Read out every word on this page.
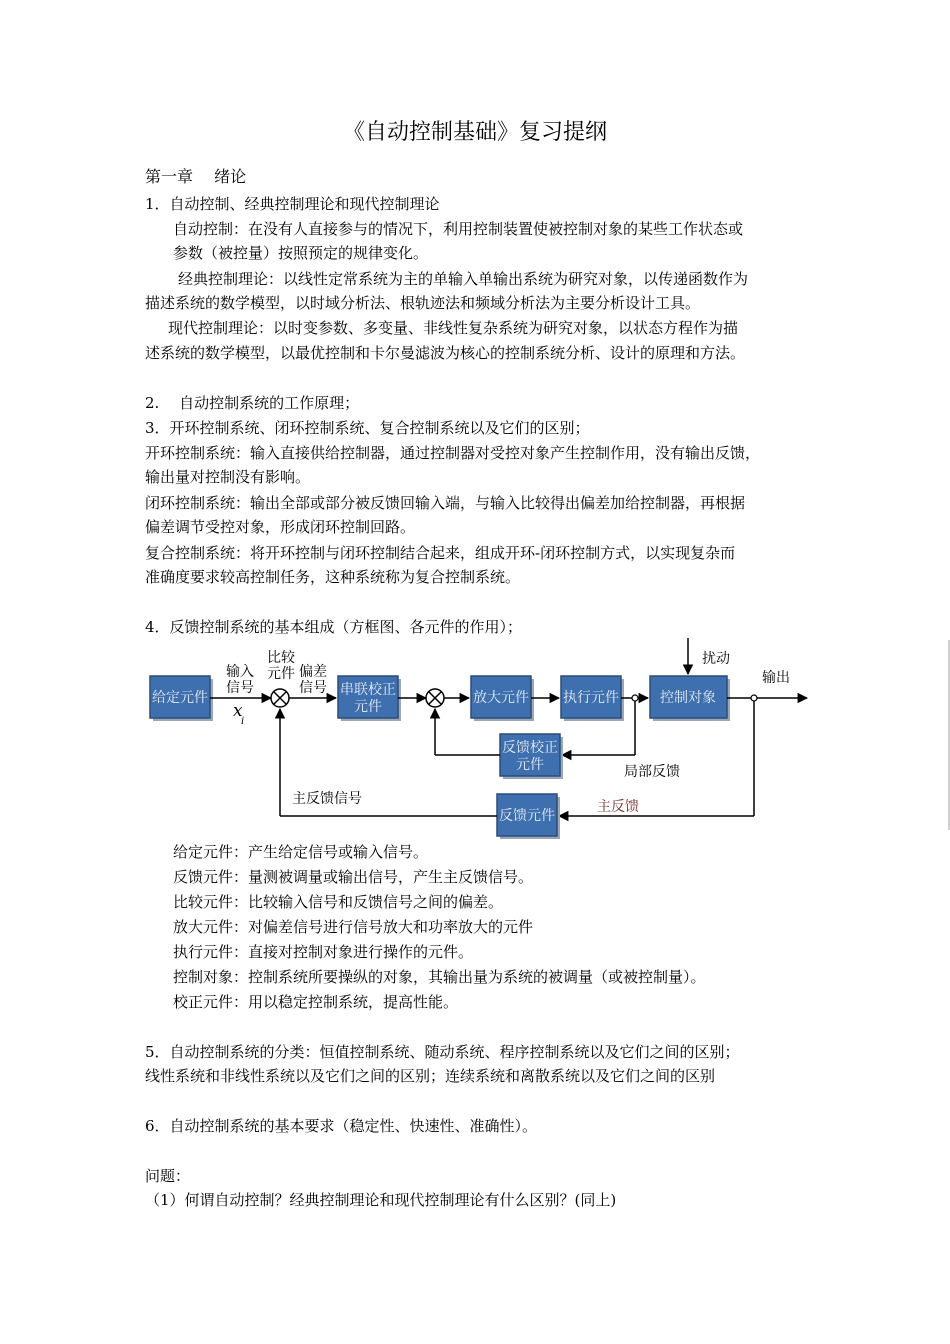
《自动控制基础》复习提纲

第一章　 绪论

1．自动控制、经典控制理论和现代控制理论

自动控制：在没有人直接参与的情况下，利用控制装置使被控制对象的某些工作状态或

参数（被控量）按照预定的规律变化。

经典控制理论：以线性定常系统为主的单输入单输出系统为研究对象，以传递函数作为

描述系统的数学模型，以时域分析法、根轨迹法和频域分析法为主要分析设计工具。

现代控制理论：以时变参数、多变量、非线性复杂系统为研究对象，以状态方程作为描

述系统的数学模型，以最优控制和卡尔曼滤波为核心的控制系统分析、设计的原理和方法。

2.　 自动控制系统的工作原理；

3．开环控制系统、闭环控制系统、复合控制系统以及它们的区别；

开环控制系统：输入直接供给控制器，通过控制器对受控对象产生控制作用，没有输出反馈，

输出量对控制没有影响。

闭环控制系统：输出全部或部分被反馈回输入端，与输入比较得出偏差加给控制器，再根据

偏差调节受控对象，形成闭环控制回路。

复合控制系统：将开环控制与闭环控制结合起来，组成开环-闭环控制方式，以实现复杂而

准确度要求较高控制任务，这种系统称为复合控制系统。

4．反馈控制系统的基本组成（方框图、各元件的作用）；

给定元件
输入
信号
x
i
比较
元件 偏差
信号 串联校正
元件
放大元件 执行元件	控制对象
扰动
输出
反馈校正
元件	局部反馈
反馈元件
主反馈信号	主反馈

给定元件：产生给定信号或输入信号。

反馈元件：量测被调量或输出信号，产生主反馈信号。

比较元件：比较输入信号和反馈信号之间的偏差。

放大元件：对偏差信号进行信号放大和功率放大的元件

执行元件：直接对控制对象进行操作的元件。

控制对象：控制系统所要操纵的对象，其输出量为系统的被调量（或被控制量）。

校正元件：用以稳定控制系统，提高性能。

5．自动控制系统的分类：恒值控制系统、随动系统、程序控制系统以及它们之间的区别；

线性系统和非线性系统以及它们之间的区别；连续系统和离散系统以及它们之间的区别

6．自动控制系统的基本要求（稳定性、快速性、准确性）。

问题：

（1）何谓自动控制？经典控制理论和现代控制理论有什么区别？(同上)
